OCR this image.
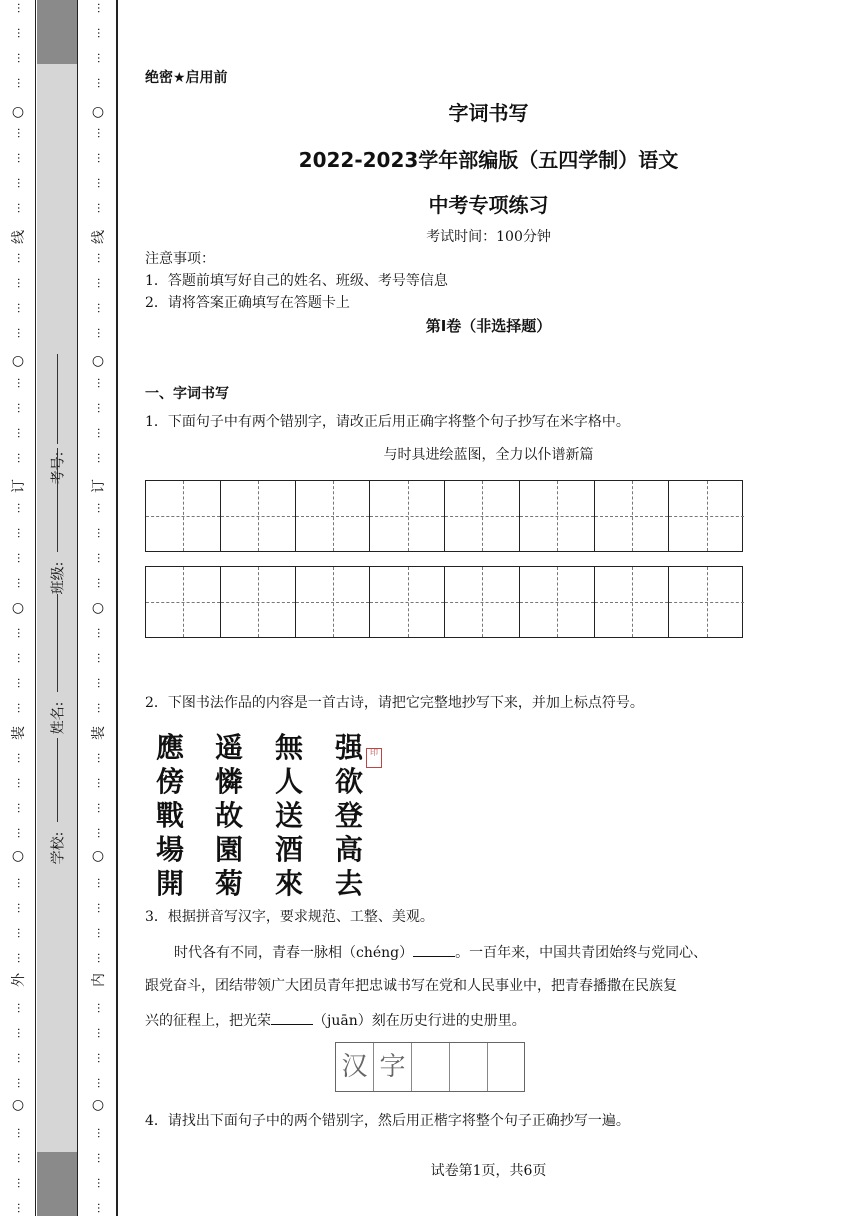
…
…
…
…
…
…
…
…
…
…
…
…
…
…
…
…
…
…
…
…
…
…
…
…
…
…
…
…
…
…
…
…
…
…
…
…
…
…
…
…
○
线
○
订
○
装
○
外
○
…
…
…
…
…
…
…
…
…
…
…
…
…
…
…
…
…
…
…
…
…
…
…
…
…
…
…
…
…
…
…
…
…
…
…
…
…
…
…
…
○
线
○
订
○
装
○
内
○
学校:
姓名:
班级:
考号:
绝密★启用前
字词书写
2022-2023学年部编版（五四学制）语文
中考专项练习
考试时间：100分钟
注意事项：
1．答题前填写好自己的姓名、班级、考号等信息
2．请将答案正确填写在答题卡上
第I卷（非选择题）
一、字词书写
1．下面句子中有两个错别字，请改正后用正确字将整个句子抄写在米字格中。
与时具进绘蓝图，全力以仆谱新篇
2．下图书法作品的内容是一首古诗，请把它完整地抄写下来，并加上标点符号。
應
傍
戰
場
開
遥
憐
故
園
菊
無
人
送
酒
來
强
欲
登
高
去
印
3．根据拼音写汉字，要求规范、工整、美观。
时代各有不同，青春一脉相（chéng）	。一百年来，中国共青团始终与党同心、
跟党奋斗，团结带领广大团员青年把忠诚书写在党和人民事业中，把青春播撒在民族复
兴的征程上，把光荣	（juān）刻在历史行进的史册里。
汉 字
4．请找出下面句子中的两个错别字，然后用正楷字将整个句子正确抄写一遍。
试卷第1页，共6页
